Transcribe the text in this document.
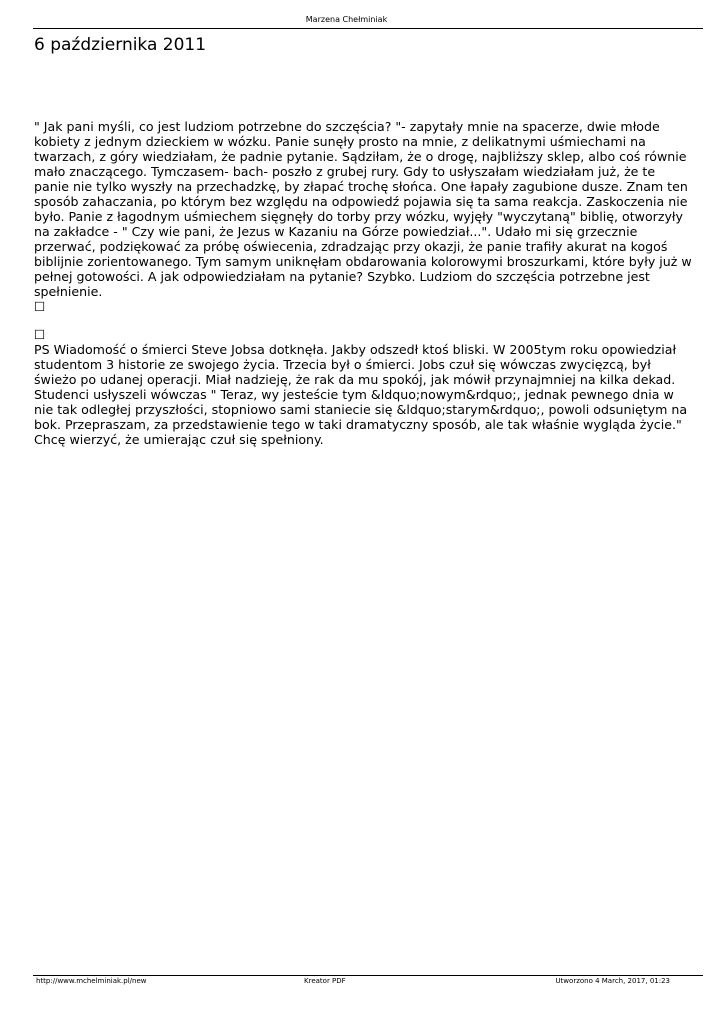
Marzena Chełminiak
6 października 2011

" Jak pani myśli, co jest ludziom potrzebne do szczęścia? "- zapytały mnie na spacerze, dwie młode kobiety z jednym dzieckiem w wózku. Panie sunęły prosto na mnie, z delikatnymi uśmiechami na twarzach, z góry wiedziałam, że padnie pytanie. Sądziłam, że o drogę, najbliższy sklep, albo coś równie mało znaczącego. Tymczasem- bach- poszło z grubej rury. Gdy to usłyszałam wiedziałam już, że te panie nie tylko wyszły na przechadzkę, by złapać trochę słońca. One łapały zagubione dusze. Znam ten sposób zahaczania, po którym bez względu na odpowiedź pojawia się ta sama reakcja. Zaskoczenia nie było. Panie z łagodnym uśmiechem sięgnęły do torby przy wózku, wyjęły "wyczytaną" biblię, otworzyły na zakładce - " Czy wie pani, że Jezus w Kazaniu na Górze powiedział...". Udało mi się grzecznie przerwać, podziękować za próbę oświecenia, zdradzając przy okazji, że panie trafiły akurat na kogoś biblijnie zorientowanego. Tym samym uniknęłam obdarowania kolorowymi broszurkami, które były już w pełnej gotowości. A jak odpowiedziałam na pytanie? Szybko. Ludziom do szczęścia potrzebne jest spełnienie.

☐
☐

PS Wiadomość o śmierci Steve Jobsa dotknęła. Jakby odszedł ktoś bliski. W 2005tym roku opowiedział studentom 3 historie ze swojego życia. Trzecia był o śmierci. Jobs czuł się wówczas zwycięzcą, był świeżo po udanej operacji. Miał nadzieję, że rak da mu spokój, jak mówił przynajmniej na kilka dekad. Studenci usłyszeli wówczas " Teraz, wy jesteście tym &ldquo;nowym&rdquo;, jednak pewnego dnia w nie tak odległej przyszłości, stopniowo sami staniecie się &ldquo;starym&rdquo;, powoli odsuniętym na bok. Przepraszam, za przedstawienie tego w taki dramatyczny sposób, ale tak właśnie wygląda życie." Chcę wierzyć, że umierając czuł się spełniony.

http://www.mchelminiak.pl/new	Kreator PDF	Utworzono 4 March, 2017, 01:23
